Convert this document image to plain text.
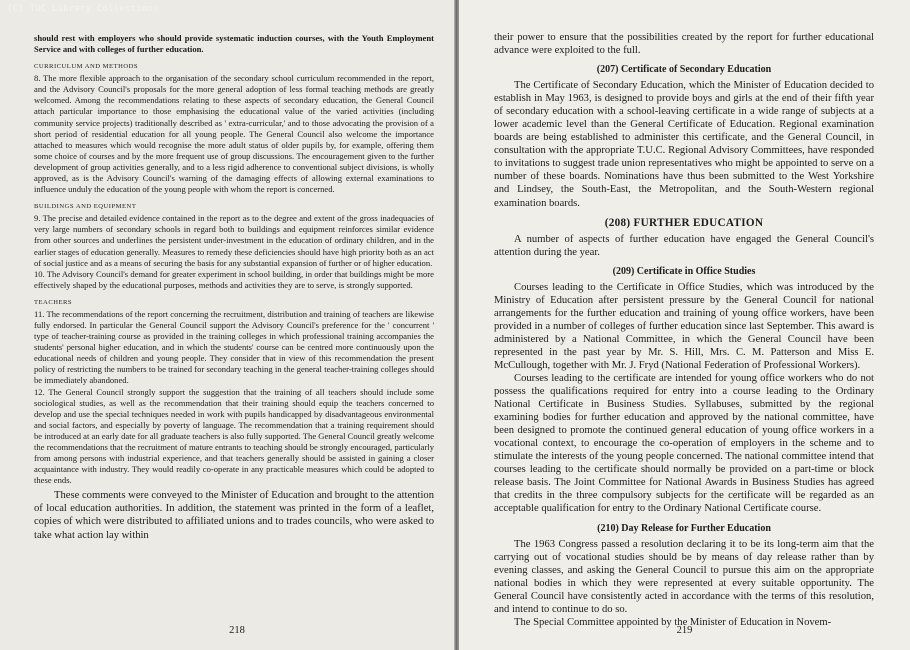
(C) TUC Library Collections

should rest with employers who should provide systematic induction courses, with the Youth Employment Service and with colleges of further education.

CURRICULUM AND METHODS

8. The more flexible approach to the organisation of the secondary school curriculum recommended in the report, and the Advisory Council's proposals for the more general adoption of less formal teaching methods are greatly welcomed. Among the recommendations relating to these aspects of secondary education, the General Council attach particular importance to those emphasising the educational value of the varied activities (including community service projects) traditionally described as ' extra-curricular,' and to those advocating the provision of a short period of residential education for all young people. The General Council also welcome the importance attached to measures which would recognise the more adult status of older pupils by, for example, offering them some choice of courses and by the more frequent use of group discussions. The encouragement given to the further development of group activities generally, and to a less rigid adherence to conventional subject divisions, is wholly approved, as is the Advisory Council's warning of the damaging effects of allowing external examinations to influence unduly the education of the young people with whom the report is concerned.

BUILDINGS AND EQUIPMENT

9. The precise and detailed evidence contained in the report as to the degree and extent of the gross inadequacies of very large numbers of secondary schools in regard both to buildings and equipment reinforces similar evidence from other sources and underlines the persistent under-investment in the education of ordinary children, and in the earlier stages of education generally. Measures to remedy these deficiencies should have high priority both as an act of social justice and as a means of securing the basis for any substantial expansion of further or of higher education.

10. The Advisory Council's demand for greater experiment in school building, in order that buildings might be more effectively shaped by the educational purposes, methods and activities they are to serve, is strongly supported.

TEACHERS

11. The recommendations of the report concerning the recruitment, distribution and training of teachers are likewise fully endorsed. In particular the General Council support the Advisory Council's preference for the ' concurrent ' type of teacher-training course as provided in the training colleges in which professional training accompanies the students' personal higher education, and in which the students' course can be centred more continuously upon the educational needs of children and young people. They consider that in view of this recommendation the present policy of restricting the numbers to be trained for secondary teaching in the general teacher-training colleges should be immediately abandoned.

12. The General Council strongly support the suggestion that the training of all teachers should include some sociological studies, as well as the recommendation that their training should equip the teachers concerned to develop and use the special techniques needed in work with pupils handicapped by disadvantageous environmental and social factors, and especially by poverty of language. The recommendation that a training requirement should be introduced at an early date for all graduate teachers is also fully supported. The General Council greatly welcome the recommendations that the recruitment of mature entrants to teaching should be strongly encouraged, particularly from among persons with industrial experience, and that teachers generally should be assisted in gaining a closer acquaintance with industry. They would readily co-operate in any practicable measures which could be adopted to these ends.

These comments were conveyed to the Minister of Education and brought to the attention of local education authorities. In addition, the statement was printed in the form of a leaflet, copies of which were distributed to affiliated unions and to trades councils, who were asked to take what action lay within

218

their power to ensure that the possibilities created by the report for further educational advance were exploited to the full.

(207) Certificate of Secondary Education

The Certificate of Secondary Education, which the Minister of Education decided to establish in May 1963, is designed to provide boys and girls at the end of their fifth year of secondary education with a school-leaving certificate in a wide range of subjects at a lower academic level than the General Certificate of Education. Regional examination boards are being established to administer this certificate, and the General Council, in consultation with the appropriate T.U.C. Regional Advisory Committees, have responded to invitations to suggest trade union representatives who might be appointed to serve on a number of these boards. Nominations have thus been submitted to the West Yorkshire and Lindsey, the South-East, the Metropolitan, and the South-Western regional examination boards.

(208) FURTHER EDUCATION

A number of aspects of further education have engaged the General Council's attention during the year.

(209) Certificate in Office Studies

Courses leading to the Certificate in Office Studies, which was introduced by the Ministry of Education after persistent pressure by the General Council for national arrangements for the further education and training of young office workers, have been provided in a number of colleges of further education since last September. This award is administered by a National Committee, in which the General Council have been represented in the past year by Mr. S. Hill, Mrs. C. M. Patterson and Miss E. McCullough, together with Mr. J. Fryd (National Federation of Professional Workers).

Courses leading to the certificate are intended for young office workers who do not possess the qualifications required for entry into a course leading to the Ordinary National Certificate in Business Studies. Syllabuses, submitted by the regional examining bodies for further education and approved by the national committee, have been designed to promote the continued general education of young office workers in a vocational context, to encourage the co-operation of employers in the scheme and to stimulate the interests of the young people concerned. The national committee intend that courses leading to the certificate should normally be provided on a part-time or block release basis. The Joint Committee for National Awards in Business Studies has agreed that credits in the three compulsory subjects for the certificate will be regarded as an acceptable qualification for entry to the Ordinary National Certificate course.

(210) Day Release for Further Education

The 1963 Congress passed a resolution declaring it to be its long-term aim that the carrying out of vocational studies should be by means of day release rather than by evening classes, and asking the General Council to pursue this aim on the appropriate national bodies in which they were represented at every suitable opportunity. The General Council have consistently acted in accordance with the terms of this resolution, and intend to continue to do so.

The Special Committee appointed by the Minister of Education in Novem-

219
